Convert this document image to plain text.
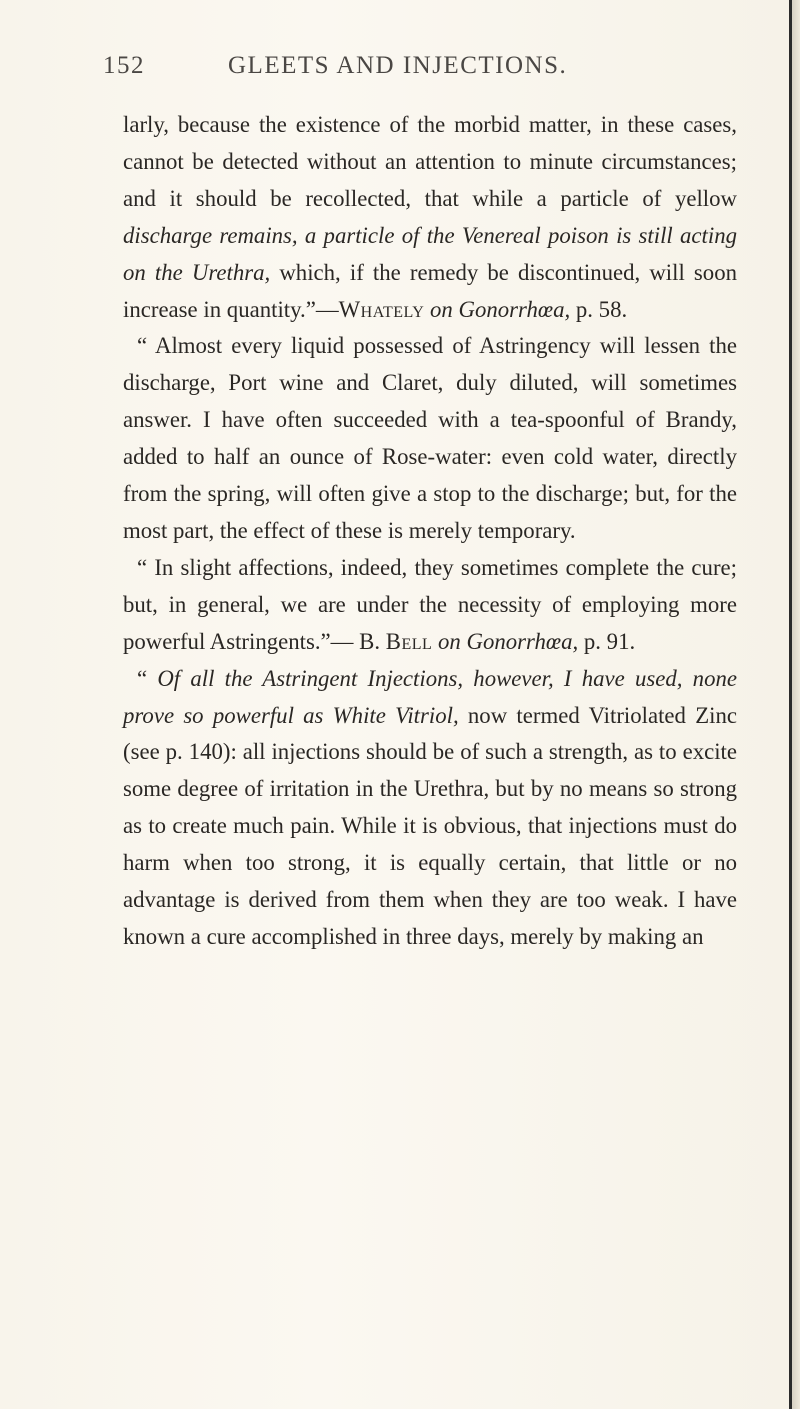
152	GLEETS AND INJECTIONS.

larly, because the existence of the morbid matter, in these cases, cannot be detected without an attention to minute circumstances; and it should be recollected, that while a particle of yellow discharge remains, a particle of the Venereal poison is still acting on the Urethra, which, if the remedy be discontinued, will soon increase in quantity.”—Whately on Gonorrhœa, p. 58.

“ Almost every liquid possessed of Astringency will lessen the discharge, Port wine and Claret, duly diluted, will sometimes answer. I have often succeeded with a tea-spoonful of Brandy, added to half an ounce of Rose-water: even cold water, directly from the spring, will often give a stop to the discharge; but, for the most part, the effect of these is merely temporary.

“ In slight affections, indeed, they sometimes complete the cure; but, in general, we are under the necessity of employing more powerful Astringents.”— B. Bell on Gonorrhœa, p. 91.

“ Of all the Astringent Injections, however, I have used, none prove so powerful as White Vitriol, now termed Vitriolated Zinc (see p. 140): all injections should be of such a strength, as to excite some degree of irritation in the Urethra, but by no means so strong as to create much pain. While it is obvious, that injections must do harm when too strong, it is equally certain, that little or no advantage is derived from them when they are too weak. I have known a cure accomplished in three days, merely by making an
